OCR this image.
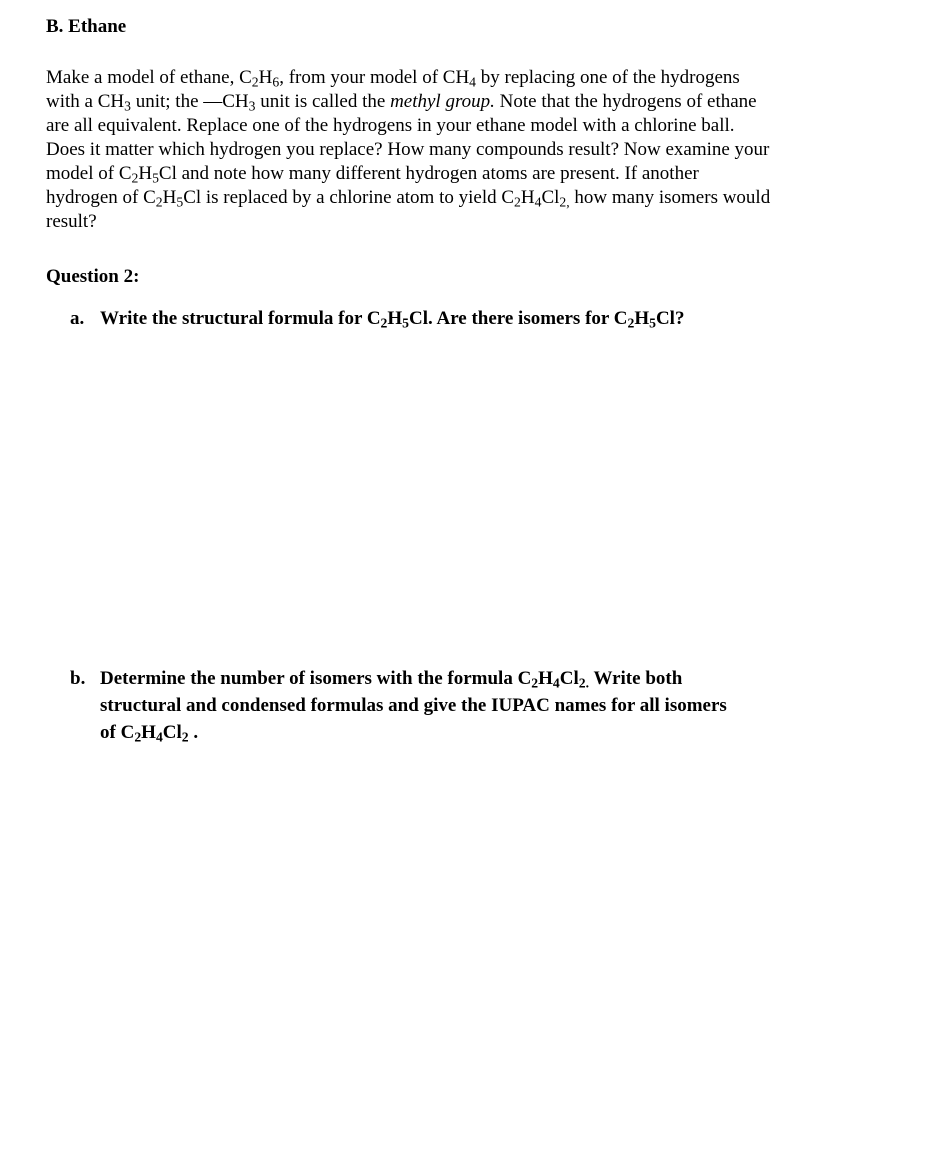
B. Ethane

Make a model of ethane, $C_2H_6$, from your model of $CH_4$ by replacing one of the hydrogens
with a $CH_3$ unit; the $—CH_3$ unit is called the methyl group. Note that the hydrogens of ethane
are all equivalent. Replace one of the hydrogens in your ethane model with a chlorine ball.
Does it matter which hydrogen you replace? How many compounds result? Now examine your
model of $C_2H_5Cl$ and note how many different hydrogen atoms are present. If another
hydrogen of $C_2H_5Cl$ is replaced by a chlorine atom to yield $C_2H_4Cl_{2,}$ how many isomers would
result?

Question 2:

a. Write the structural formula for $C_2H_5Cl$. Are there isomers for $C_2H_5Cl$?

b. Determine the number of isomers with the formula $C_2H_4Cl_{2.}$ Write both
structural and condensed formulas and give the IUPAC names for all isomers
of $C_2H_4Cl_2$ .
